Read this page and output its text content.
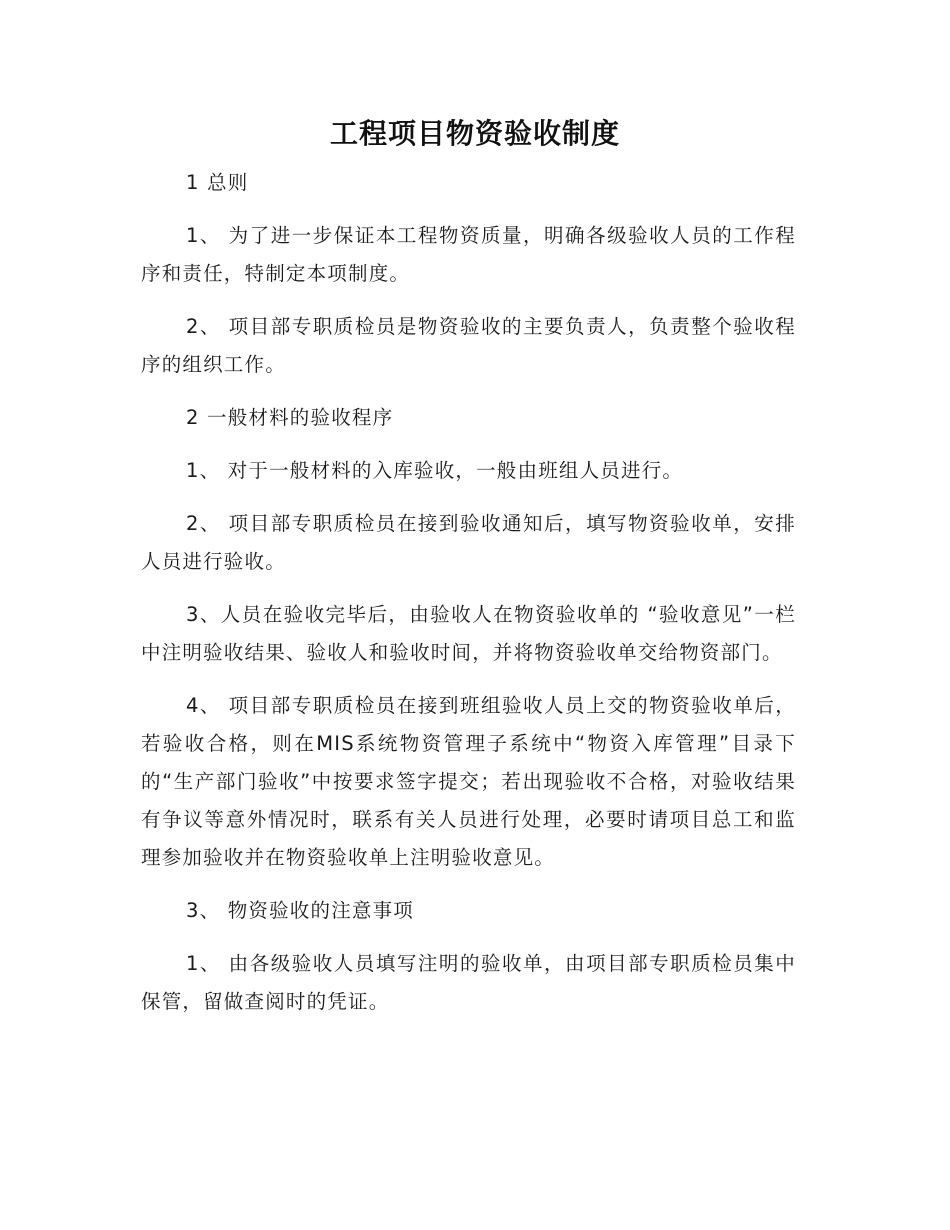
工程项目物资验收制度

1 总则

1、 为了进一步保证本工程物资质量，明确各级验收人员的工作程序和责任，特制定本项制度。

2、 项目部专职质检员是物资验收的主要负责人，负责整个验收程序的组织工作。

2 一般材料的验收程序

1、 对于一般材料的入库验收，一般由班组人员进行。

2、 项目部专职质检员在接到验收通知后，填写物资验收单，安排人员进行验收。

3、人员在验收完毕后，由验收人在物资验收单的 “验收意见”一栏中注明验收结果、验收人和验收时间，并将物资验收单交给物资部门。

4、 项目部专职质检员在接到班组验收人员上交的物资验收单后，若验收合格，则在MIS系统物资管理子系统中“物资入库管理”目录下的“生产部门验收”中按要求签字提交；若出现验收不合格，对验收结果有争议等意外情况时，联系有关人员进行处理，必要时请项目总工和监理参加验收并在物资验收单上注明验收意见。

3、 物资验收的注意事项

1、 由各级验收人员填写注明的验收单，由项目部专职质检员集中保管，留做查阅时的凭证。
